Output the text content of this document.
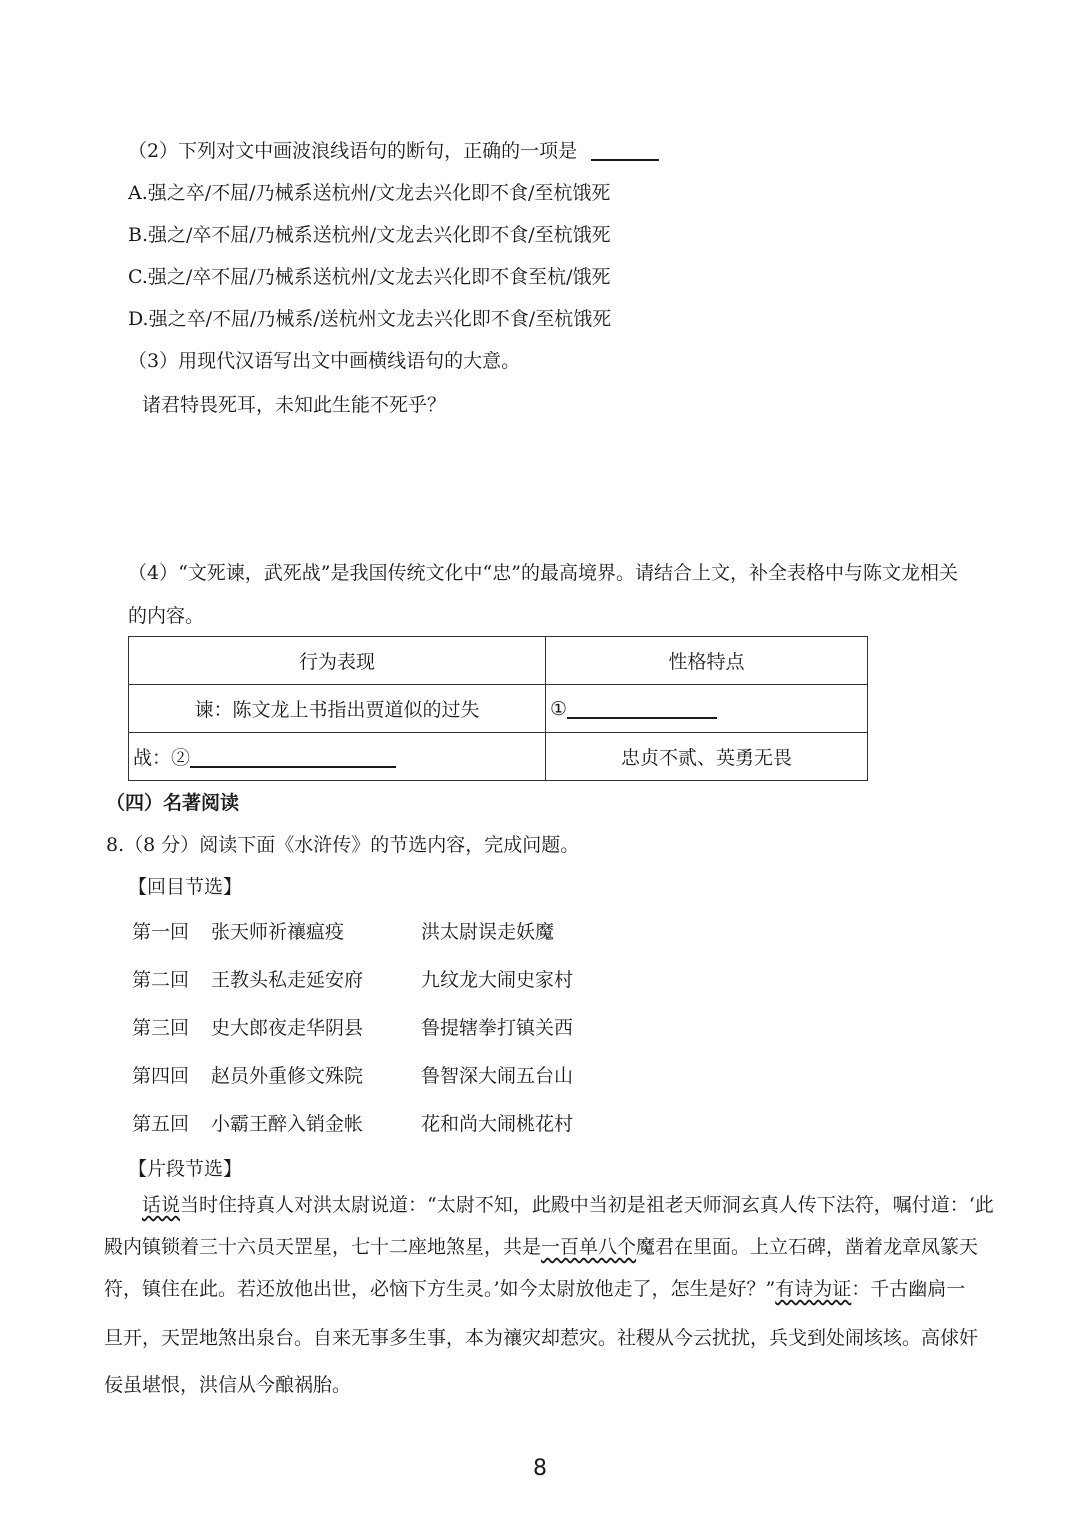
（2）下列对文中画波浪线语句的断句，正确的一项是
A.强之卒/不屈/乃械系送杭州/文龙去兴化即不食/至杭饿死
B.强之/卒不屈/乃械系送杭州/文龙去兴化即不食/至杭饿死
C.强之/卒不屈/乃械系送杭州/文龙去兴化即不食至杭/饿死
D.强之卒/不屈/乃械系/送杭州文龙去兴化即不食/至杭饿死
（3）用现代汉语写出文中画横线语句的大意。
诸君特畏死耳，未知此生能不死乎？
（4）“文死谏，武死战”是我国传统文化中“忠”的最高境界。请结合上文，补全表格中与陈文龙相关
的内容。
行为表现	性格特点
谏：陈文龙上书指出贾道似的过失	①
战：②	忠贞不贰、英勇无畏
（四）名著阅读
8.（8 分）阅读下面《水浒传》的节选内容，完成问题。
【回目节选】
第一回 张天师祈禳瘟疫	洪太尉误走妖魔
第二回 王教头私走延安府	九纹龙大闹史家村
第三回 史大郎夜走华阴县	鲁提辖拳打镇关西
第四回 赵员外重修文殊院	鲁智深大闹五台山
第五回 小霸王醉入销金帐	花和尚大闹桃花村
【片段节选】
话说当时住持真人对洪太尉说道：“太尉不知，此殿中当初是祖老天师洞玄真人传下法符，嘱付道：‘此
殿内镇锁着三十六员天罡星，七十二座地煞星，共是一百单八个魔君在里面。上立石碑，凿着龙章凤篆天
符，镇住在此。若还放他出世，必恼下方生灵。’如今太尉放他走了，怎生是好？”有诗为证：千古幽扃一
旦开，天罡地煞出泉台。自来无事多生事，本为禳灾却惹灾。社稷从今云扰扰，兵戈到处闹垓垓。高俅奸
佞虽堪恨，洪信从今酿祸胎。
8
